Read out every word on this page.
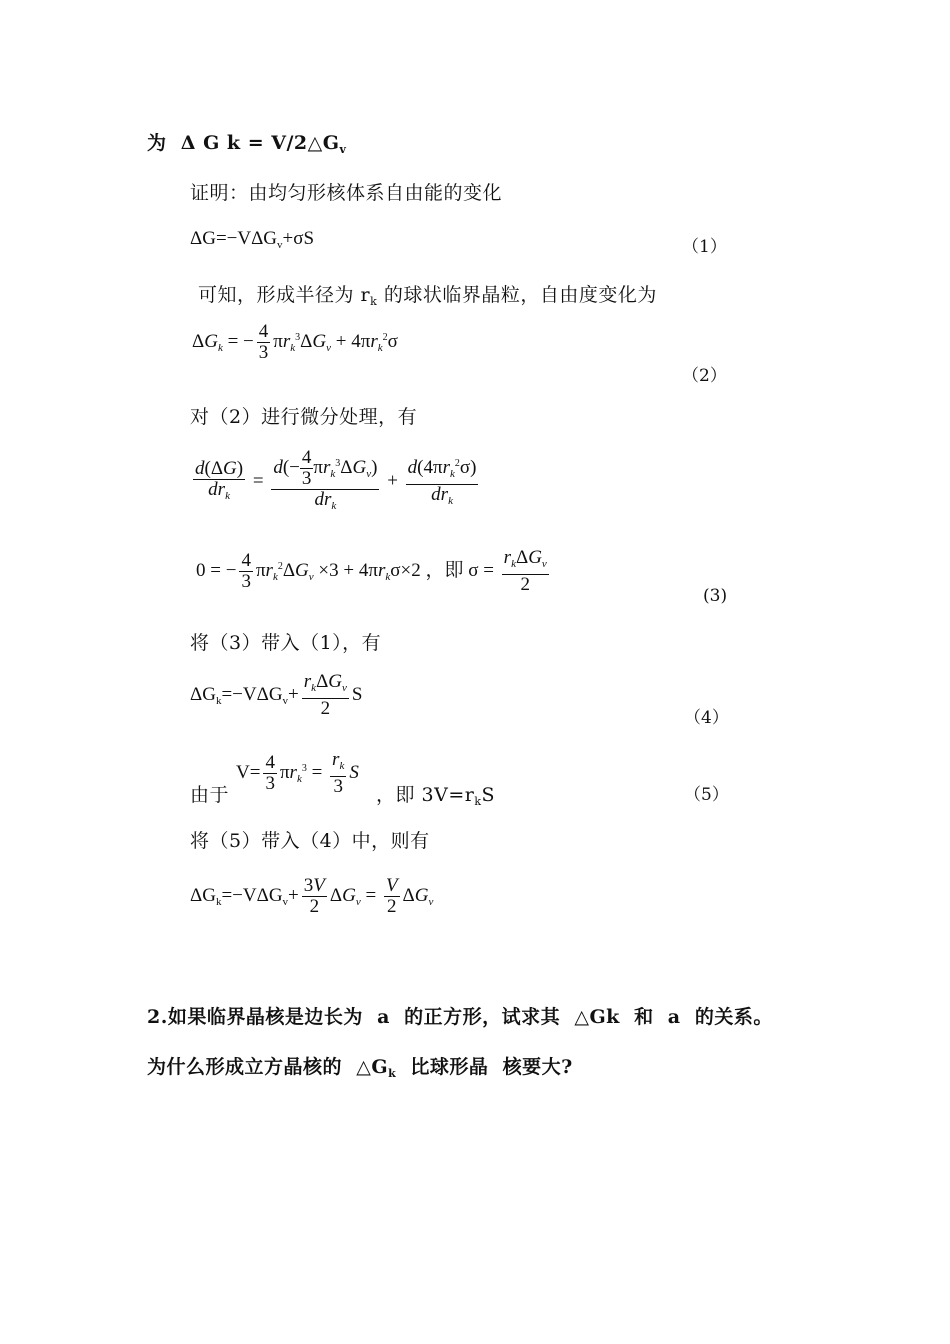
为  Δ G $k = V/2\triangle G_v$
证明：由均匀形核体系自由能的变化
$\Delta G=-V\Delta G_v+\sigma S$	（1）
可知，形成半径为 $r_k$ 的球状临界晶粒，自由度变化为
$\Delta G_k$ = − $\frac{4}{3} \pi r_k^3\Delta G_v + 4\pi r_k^2\sigma$
（2）
对（2）进行微分处理，有
$\frac{d(\Delta G)}{dr_k} = \frac{d(- \frac{4}{3} \pi r_k^3\Delta G_v)}{dr_k} + \frac{d(4\pi r_k^2\sigma)}{dr_k}$
0 = − $\frac{4}{3} \pi r_k^2\Delta G_v \times 3 + 4\pi r_k\sigma\times 2$ ，即 $\sigma = \frac{r_k\Delta G_v}{2}$
(3)
将（3）带入（1），有
$\Delta G_k=-V\Delta G_v+ \frac{r_k\Delta G_v}{2}$ S
（4）
由于
$V= \frac{4}{3} \pi r_k^3 = \frac{r_k}{3}$ S
，即 $3V=r_kS$	（5）
将（5）带入（4）中，则有
$\Delta G_k=-V\Delta G_v+ \frac{3V}{2} \Delta G_v = \frac{V}{2} \Delta G_v$
2.如果临界晶核是边长为  a  的正方形，试求其  △Gk  和  a  的关系。
为什么形成立方晶核的  $\triangle G_k$  比球形晶  核要大?
